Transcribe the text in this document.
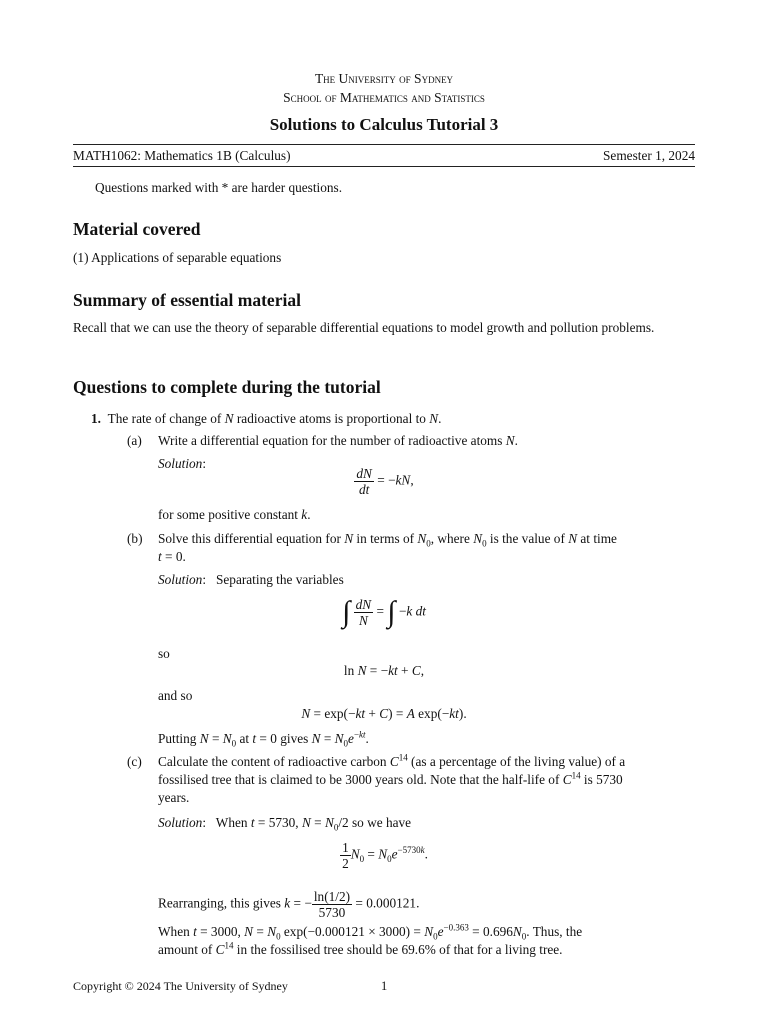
The University of Sydney
School of Mathematics and Statistics
Solutions to Calculus Tutorial 3
MATH1062: Mathematics 1B (Calculus)	Semester 1, 2024
Questions marked with * are harder questions.
Material covered
(1) Applications of separable equations
Summary of essential material
Recall that we can use the theory of separable differential equations to model growth and pollution problems.
Questions to complete during the tutorial
1. The rate of change of N radioactive atoms is proportional to N.
(a) Write a differential equation for the number of radioactive atoms N.
Solution:
$\frac{dN}{dt} = -kN$,
for some positive constant k.
(b) Solve this differential equation for N in terms of $N_0$, where $N_0$ is the value of N at time
t = 0.
Solution:   Separating the variables
∫ $\frac{dN}{N}$ = ∫ −k dt
so
ln N = −kt + C,
and so
N = exp(−kt + C) = A exp(−kt).
Putting $N = N_0$ at t = 0 gives $N = N_0e^{-kt}$.
(c) Calculate the content of radioactive carbon $C^{14}$ (as a percentage of the living value) of a
fossilised tree that is claimed to be 3000 years old. Note that the half-life of $C^{14}$ is 5730
years.
Solution:   When t = 5730, $N = N_0/2$ so we have
$\frac{1}{2} N_0 = N_0e^{-5730k}$.
Rearranging, this gives k = − $\frac{\ln(1/2)}{5730} = 0.000121$.
When t = 3000, $N = N_0$ $\exp(-0.000121 \times 3000) = N_0e^{-0.363} = 0.696N_0$. Thus, the
amount of $C^{14}$ in the fossilised tree should be 69.6% of that for a living tree.
Copyright © 2024 The University of Sydney	1
